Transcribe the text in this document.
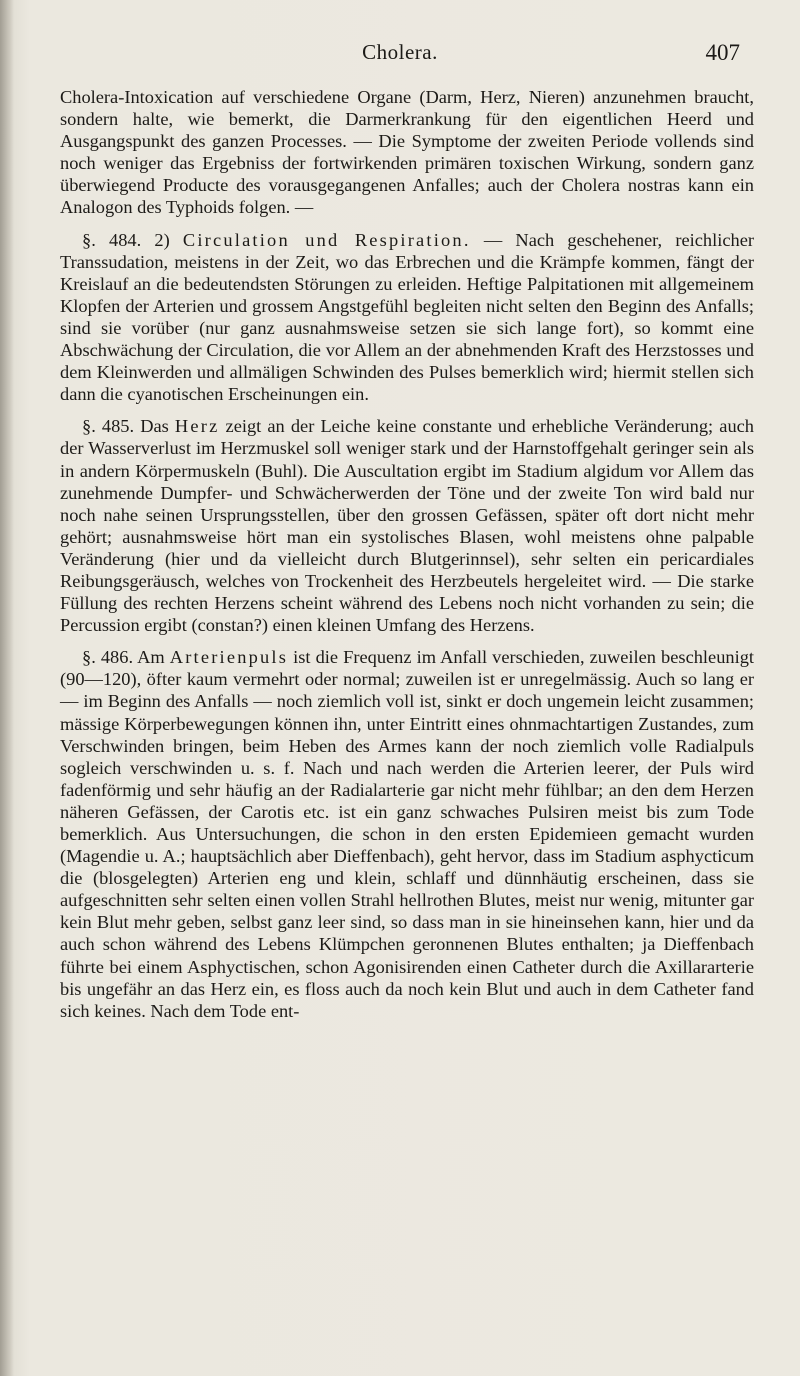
Cholera.	407

Cholera-Intoxication auf verschiedene Organe (Darm, Herz, Nieren) anzunehmen braucht, sondern halte, wie bemerkt, die Darmerkrankung für den eigentlichen Heerd und Ausgangspunkt des ganzen Processes. — Die Symptome der zweiten Periode vollends sind noch weniger das Ergebniss der fortwirkenden primären toxischen Wirkung, sondern ganz überwiegend Producte des vorausgegangenen Anfalles; auch der Cholera nostras kann ein Analogon des Typhoids folgen. —

§. 484. 2) Circulation und Respiration. — Nach geschehener, reichlicher Transsudation, meistens in der Zeit, wo das Erbrechen und die Krämpfe kommen, fängt der Kreislauf an die bedeutendsten Störungen zu erleiden. Heftige Palpitationen mit allgemeinem Klopfen der Arterien und grossem Angstgefühl begleiten nicht selten den Beginn des Anfalls; sind sie vorüber (nur ganz ausnahmsweise setzen sie sich lange fort), so kommt eine Abschwächung der Circulation, die vor Allem an der abnehmenden Kraft des Herzstosses und dem Kleinwerden und allmäligen Schwinden des Pulses bemerklich wird; hiermit stellen sich dann die cyanotischen Erscheinungen ein.

§. 485. Das Herz zeigt an der Leiche keine constante und erhebliche Veränderung; auch der Wasserverlust im Herzmuskel soll weniger stark und der Harnstoffgehalt geringer sein als in andern Körpermuskeln (Buhl). Die Auscultation ergibt im Stadium algidum vor Allem das zunehmende Dumpfer- und Schwächerwerden der Töne und der zweite Ton wird bald nur noch nahe seinen Ursprungsstellen, über den grossen Gefässen, später oft dort nicht mehr gehört; ausnahmsweise hört man ein systolisches Blasen, wohl meistens ohne palpable Veränderung (hier und da vielleicht durch Blutgerinnsel), sehr selten ein pericardiales Reibungsgeräusch, welches von Trockenheit des Herzbeutels hergeleitet wird. — Die starke Füllung des rechten Herzens scheint während des Lebens noch nicht vorhanden zu sein; die Percussion ergibt (constan?) einen kleinen Umfang des Herzens.

§. 486. Am Arterienpuls ist die Frequenz im Anfall verschieden, zuweilen beschleunigt (90—120), öfter kaum vermehrt oder normal; zuweilen ist er unregelmässig. Auch so lang er — im Beginn des Anfalls — noch ziemlich voll ist, sinkt er doch ungemein leicht zusammen; mässige Körperbewegungen können ihn, unter Eintritt eines ohnmachtartigen Zustandes, zum Verschwinden bringen, beim Heben des Armes kann der noch ziemlich volle Radialpuls sogleich verschwinden u. s. f. Nach und nach werden die Arterien leerer, der Puls wird fadenförmig und sehr häufig an der Radialarterie gar nicht mehr fühlbar; an den dem Herzen näheren Gefässen, der Carotis etc. ist ein ganz schwaches Pulsiren meist bis zum Tode bemerklich. Aus Untersuchungen, die schon in den ersten Epidemieen gemacht wurden (Magendie u. A.; hauptsächlich aber Dieffenbach), geht hervor, dass im Stadium asphycticum die (blosgelegten) Arterien eng und klein, schlaff und dünnhäutig erscheinen, dass sie aufgeschnitten sehr selten einen vollen Strahl hellrothen Blutes, meist nur wenig, mitunter gar kein Blut mehr geben, selbst ganz leer sind, so dass man in sie hineinsehen kann, hier und da auch schon während des Lebens Klümpchen geronnenen Blutes enthalten; ja Dieffenbach führte bei einem Asphyctischen, schon Agonisirenden einen Catheter durch die Axillararterie bis ungefähr an das Herz ein, es floss auch da noch kein Blut und auch in dem Catheter fand sich keines. Nach dem Tode ent-
